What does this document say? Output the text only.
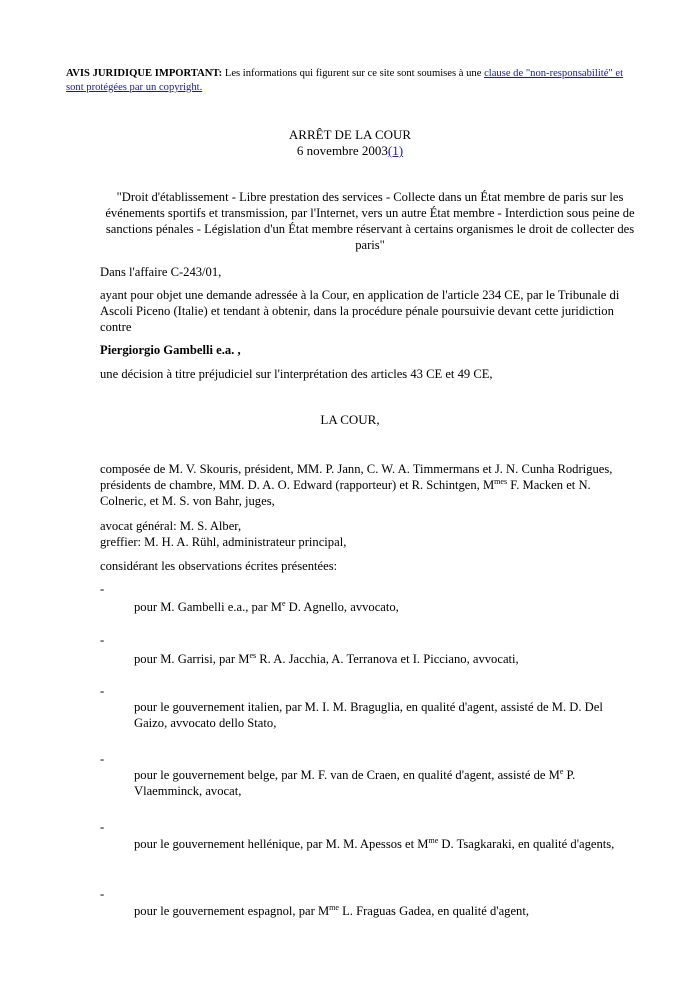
AVIS JURIDIQUE IMPORTANT: Les informations qui figurent sur ce site sont soumises à une clause de "non-responsabilité" et sont protégées par un copyright.
ARRÊT DE LA COUR
6 novembre 2003(1)
"Droit d'établissement - Libre prestation des services - Collecte dans un État membre de paris sur les événements sportifs et transmission, par l'Internet, vers un autre État membre - Interdiction sous peine de sanctions pénales - Législation d'un État membre réservant à certains organismes le droit de collecter des paris"
Dans l'affaire C-243/01,
ayant pour objet une demande adressée à la Cour, en application de l'article 234 CE, par le Tribunale di Ascoli Piceno (Italie) et tendant à obtenir, dans la procédure pénale poursuivie devant cette juridiction contre
Piergiorgio Gambelli e.a. ,
une décision à titre préjudiciel sur l'interprétation des articles 43 CE et 49 CE,
LA COUR,
composée de M. V. Skouris, président, MM. P. Jann, C. W. A. Timmermans et J. N. Cunha Rodrigues, présidents de chambre, MM. D. A. O. Edward (rapporteur) et R. Schintgen, $M^{mes}$ F. Macken et N. Colneric, et M. S. von Bahr, juges,
avocat général: M. S. Alber,
greffier: M. H. A. Rühl, administrateur principal,
considérant les observations écrites présentées:
-
pour M. Gambelli e.a., par Me D. Agnello, avvocato,
-
pour M. Garrisi, par $M^{es}$ R. A. Jacchia, A. Terranova et I. Picciano, avvocati,
-
pour le gouvernement italien, par M. I. M. Braguglia, en qualité d'agent, assisté de M. D. Del Gaizo, avvocato dello Stato,
-
pour le gouvernement belge, par M. F. van de Craen, en qualité d'agent, assisté de Me P. Vlaemminck, avocat,
-
pour le gouvernement hellénique, par M. M. Apessos et $M^{me}$ D. Tsagkaraki, en qualité d'agents,
-
pour le gouvernement espagnol, par $M^{me}$ L. Fraguas Gadea, en qualité d'agent,
